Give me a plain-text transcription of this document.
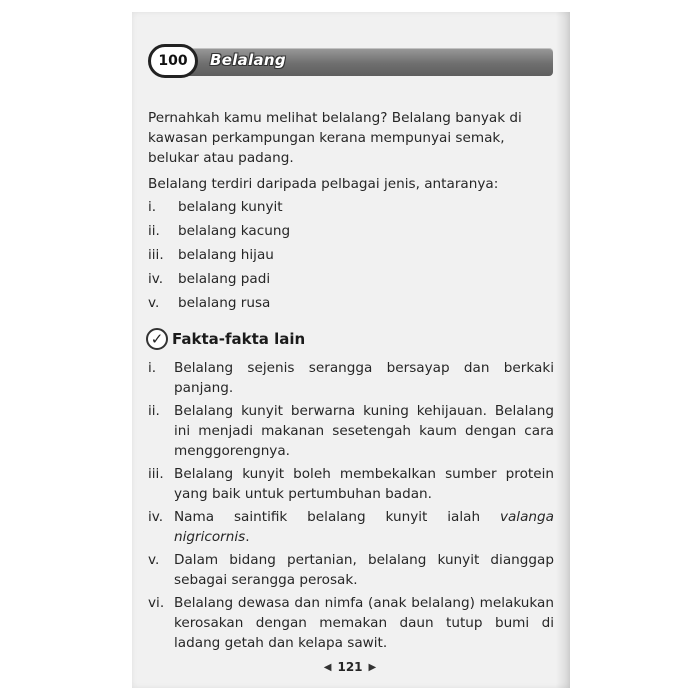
100	Belalang
Pernahkah kamu melihat belalang? Belalang banyak di kawasan perkampungan kerana mempunyai semak, belukar atau padang.
Belalang terdiri daripada pelbagai jenis, antaranya:
i. belalang kunyit
ii. belalang kacung
iii. belalang hijau
iv. belalang padi
v. belalang rusa
✓ Fakta-fakta lain
i. Belalang sejenis serangga bersayap dan berkaki panjang.
ii. Belalang kunyit berwarna kuning kehijauan. Belalang ini menjadi makanan sesetengah kaum dengan cara menggorengnya.
iii. Belalang kunyit boleh membekalkan sumber protein yang baik untuk pertumbuhan badan.
iv. Nama saintifik belalang kunyit ialah valanga nigricornis.
v. Dalam bidang pertanian, belalang kunyit dianggap sebagai serangga perosak.
vi. Belalang dewasa dan nimfa (anak belalang) melakukan kerosakan dengan memakan daun tutup bumi di ladang getah dan kelapa sawit.
◀ 121 ▶
